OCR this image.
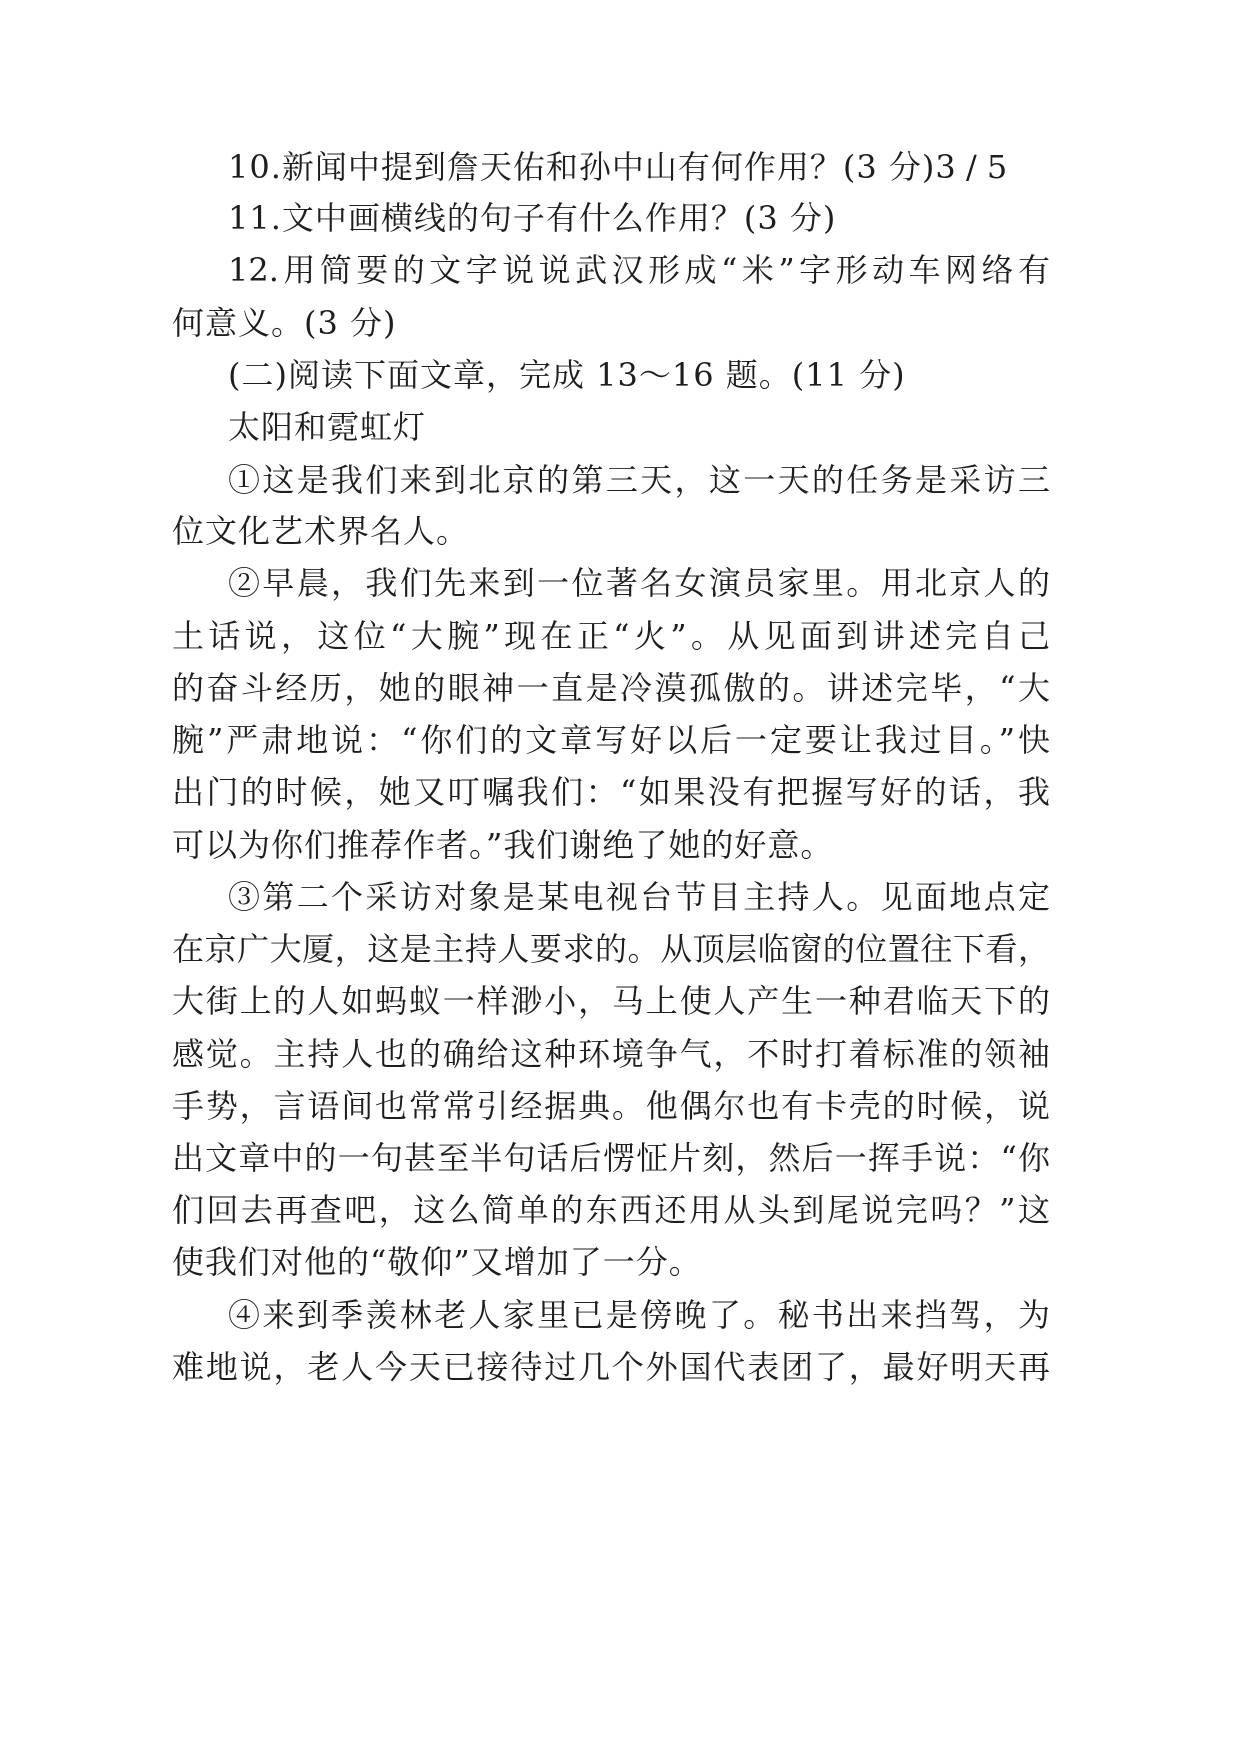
10.新闻中提到詹天佑和孙中山有何作用？(3 分)3 / 5
11.文中画横线的句子有什么作用？(3 分)
12.用简要的文字说说武汉形成“米”字形动车网络有
何意义。(3 分)
(二)阅读下面文章，完成 13～16 题。(11 分)
太阳和霓虹灯
①这是我们来到北京的第三天，这一天的任务是采访三
位文化艺术界名人。
②早晨，我们先来到一位著名女演员家里。用北京人的
土话说，这位“大腕”现在正“火”。从见面到讲述完自己
的奋斗经历，她的眼神一直是冷漠孤傲的。讲述完毕，“大
腕”严肃地说：“你们的文章写好以后一定要让我过目。”快
出门的时候，她又叮嘱我们：“如果没有把握写好的话，我
可以为你们推荐作者。”我们谢绝了她的好意。
③第二个采访对象是某电视台节目主持人。见面地点定
在京广大厦，这是主持人要求的。从顶层临窗的位置往下看，
大街上的人如蚂蚁一样渺小，马上使人产生一种君临天下的
感觉。主持人也的确给这种环境争气，不时打着标准的领袖
手势，言语间也常常引经据典。他偶尔也有卡壳的时候，说
出文章中的一句甚至半句话后愣怔片刻，然后一挥手说：“你
们回去再查吧，这么简单的东西还用从头到尾说完吗？”这
使我们对他的“敬仰”又增加了一分。
④来到季羡林老人家里已是傍晚了。秘书出来挡驾，为
难地说，老人今天已接待过几个外国代表团了，最好明天再
